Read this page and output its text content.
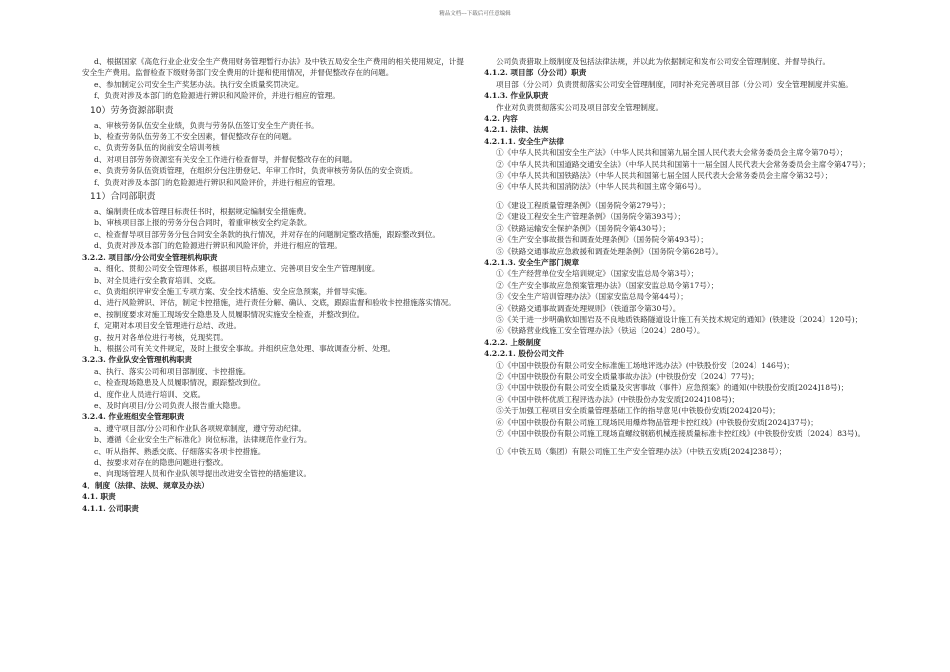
精品文档---下载后可任意编辑
d、根据国家《高危行业企业安全生产费用财务管理暂行办法》及中铁五局安全生产费用的相关使用规定，计提安全生产费用。监督检查下级财务部门安全费用的计提和使用情况，并督促整改存在的问题。
e、参加制定公司安全生产奖惩办法。执行安全质量奖罚决定。
f、负责对涉及本部门的危险源进行辨识和风险评价，并进行相应的管理。
10）劳务资源部职责
a、审核劳务队伍安全业绩，负责与劳务队伍签订安全生产责任书。
b、检查劳务队伍劳务工不安全因素，督促整改存在的问题。
c、负责劳务队伍的岗前安全培训考核
d、对项目部劳务资源室有关安全工作进行检查督导，并督促整改存在的问题。
e、负责劳务队伍资质管理，在组织分包注册登记、年审工作时，负责审核劳务队伍的安全资质。
f、负责对涉及本部门的危险源进行辨识和风险评价，并进行相应的管理。
11）合同部职责
a、编制责任成本管理目标责任书时，根据规定编制安全措施费。
b、审核项目部上报的劳务分包合同时，着重审核安全约定条款。
c、检查督导项目部劳务分包合同安全条款的执行情况，并对存在的问题制定整改措施，跟踪整改到位。
d、负责对涉及本部门的危险源进行辨识和风险评价，并进行相应的管理。
3.2.2. 项目部/分公司安全管理机构职责
a、细化、贯彻公司安全管理体系，根据项目特点建立、完善项目安全生产管理制度。
b、对全员进行安全教育培训、交底。
c、负责组织评审安全施工专项方案、安全技术措施、安全应急预案，并督导实施。
d、进行风险辨识、评估，制定卡控措施，进行责任分解、确认、交底，跟踪监督和验收卡控措施落实情况。
e、按制度要求对施工现场安全隐患及人员履职情况实施安全检查，并整改到位。
f、定期对本项目安全管理进行总结、改进。
g、按月对各单位进行考核，兑现奖罚。
h、根据公司有关文件规定，及时上报安全事故。并组织应急处理、事故调查分析、处理。
3.2.3. 作业队安全管理机构职责
a、执行、落实公司和项目部制度、卡控措施。
c、检查现场隐患及人员履职情况，跟踪整改到位。
d、度作业人员进行培训、交底。
e、及时向项目/分公司负责人报告重大隐患。
3.2.4. 作业班组安全管理职责
a、遵守项目部/分公司和作业队各项规章制度，遵守劳动纪律。
b、遵循《企业安全生产标准化》岗位标准，法律规范作业行为。
c、听从指挥、熟悉交底、仔细落实各项卡控措施。
d、按要求对存在的隐患问题进行整改。
e、向现场管理人员和作业队领导提出改进安全管控的措施建议。
4．制度（法律、法规、规章及办法）
4.1. 职责
4.1.1. 公司职责
公司负责猎取上级制度及包括法律法规，并以此为依据制定和发布公司安全管理制度、并督导执行。
4.1.2. 项目部（分公司）职责
项目部（分公司）负责贯彻落实公司安全管理制度，同时补充完善项目部（分公司）安全管理制度并实施。
4.1.3. 作业队职责
作业对负责贯彻落实公司及项目部安全管理制度。
4.2. 内容
4.2.1. 法律、法规
4.2.1.1. 安全生产法律
①《中华人民共和国安全生产法》（中华人民共和国第九届全国人民代表大会常务委员会主席令第70号）；
②《中华人民共和国道路交通安全法》（中华人民共和国第十一届全国人民代表大会常务委员会主席令第47号）；
③《中华人民共和国铁路法》（中华人民共和国第七届全国人民代表大会常务委员会主席令第32号）；
④《中华人民共和国消防法》（中华人民共和国主席令第6号）。
①《建设工程质量管理条例》（国务院令第279号）；
②《建设工程安全生产管理条例》（国务院令第393号）；
③《铁路运输安全保护条例》（国务院令第430号）；
④《生产安全事故报告和调查处理条例》（国务院令第493号）；
⑤《铁路交通事故应急救援和调查处理条例》（国务院令第628号）。
4.2.1.3. 安全生产部门规章
①《生产经营单位安全培训规定》（国家安监总局令第3号）；
②《生产安全事故应急预案管理办法》（国家安监总局令第17号）；
③《安全生产培训管理办法》（国家安监总局令第44号）；
④《铁路交通事故调查处理规则》（铁道部令第30号）。
⑤《关于进一步明确软如围岩及不良地质铁路隧道设计施工有关技术规定的通知》(铁建设〔2024〕120号)；
⑥《铁路营业线施工安全管理办法》（铁运〔2024〕280号）。
4.2.2. 上级制度
4.2.2.1. 股份公司文件
①《中国中铁股份有限公司安全标准施工场地评选办法》(中铁股份安〔2024〕146号)；
②《中国中铁股份有限公司安全质量事故办法》(中铁股份安〔2024〕77号)；
③《中国中铁股份有限公司安全质量及灾害事故（事件）应急预案》的通知(中铁股份安质[2024]18号)；
④《中国中铁杯优质工程评选办法》(中铁股份办发安质[2024]108号)；
⑤关于加强工程项目安全质量管理基础工作的指导意见(中铁股份安质[2024]20号)；
⑥《中国中铁股份有限公司施工现场民用爆炸物品管理卡控红线》(中铁股份安质[2024]37号)；
⑦《中国中铁股份有限公司施工现场直螺纹钢筋机械连接质量标准卡控红线》(中铁股份安质〔2024〕83号)。
①《中铁五局（集团）有限公司施工生产安全管理办法》（中铁五安质[2024]238号）；
